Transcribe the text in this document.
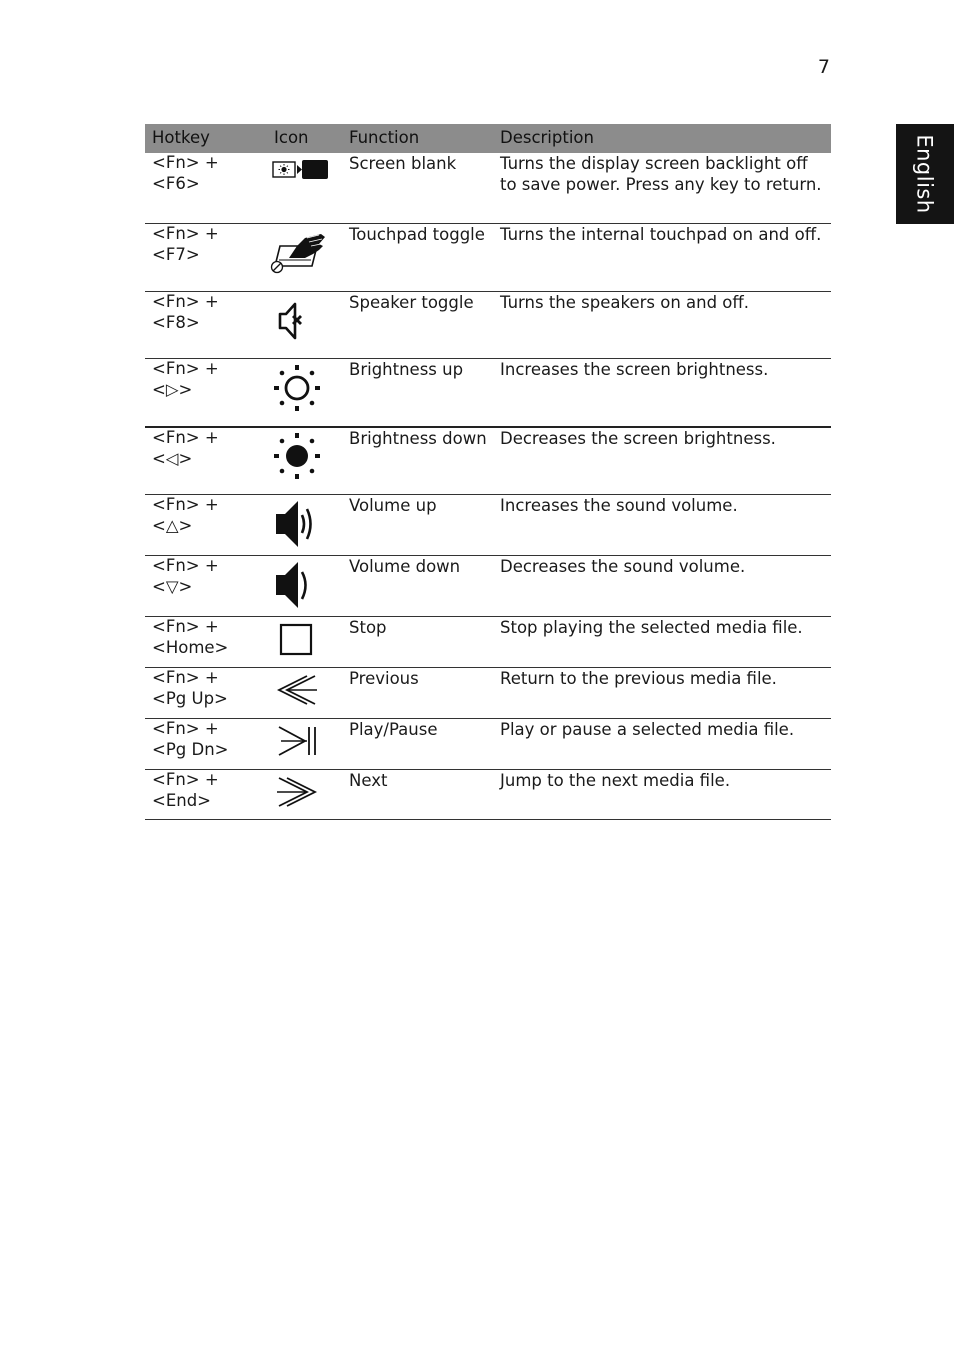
7
English
Hotkey	Icon	Function	Description

<Fn> + <F6>		Screen blank	Turns the display screen backlight off to save power. Press any key to return.

<Fn> + <F7>		Touchpad toggle	Turns the internal touchpad on and off.

<Fn> + <F8>		Speaker toggle	Turns the speakers on and off.

<Fn> + <▷>		Brightness up	Increases the screen brightness.

<Fn> + <◁>		Brightness down	Decreases the screen brightness.

<Fn> + <△>		Volume up	Increases the sound volume.

<Fn> + <▽>		Volume down	Decreases the sound volume.

<Fn> +
<Home>		Stop	Stop playing the selected media file.

<Fn> +
<Pg Up>		Previous	Return to the previous media file.

<Fn> +
<Pg Dn>		Play/Pause	Play or pause a selected media file.

<Fn> +
<End>		Next	Jump to the next media file.
